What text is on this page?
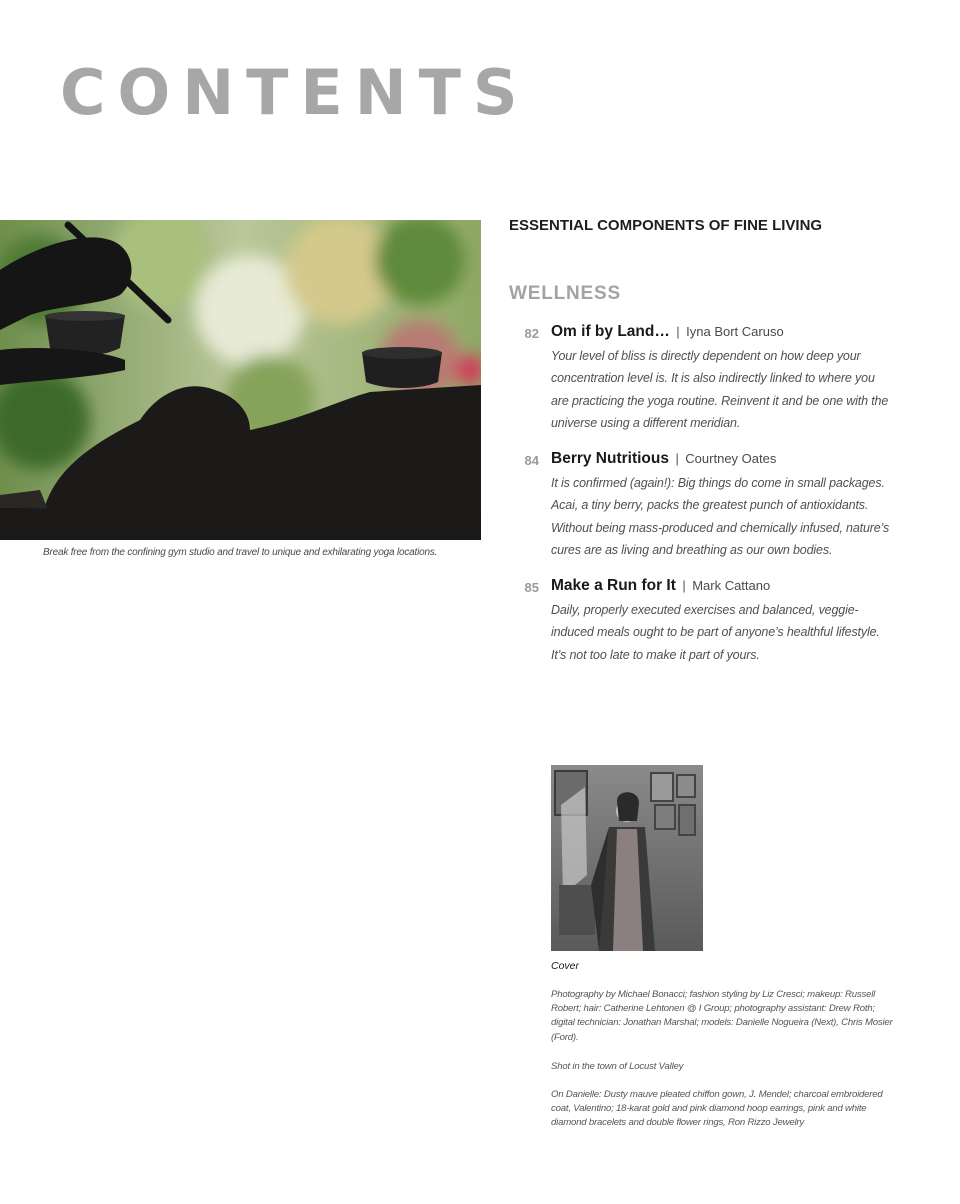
CONTENTS
Break free from the confining gym studio and travel to unique and exhilarating yoga locations.
ESSENTIAL COMPONENTS OF FINE LIVING
WELLNESS
82 Om if by Land… | Iyna Bort Caruso
Your level of bliss is directly dependent on how deep your concentration level is. It is also indirectly linked to where you are practicing the yoga routine. Reinvent it and be one with the universe using a different meridian.
84 Berry Nutritious | Courtney Oates
It is confirmed (again!): Big things do come in small packages. Acai, a tiny berry, packs the greatest punch of antioxidants. Without being mass-produced and chemically infused, nature’s cures are as living and breathing as our own bodies.
85 Make a Run for It | Mark Cattano
Daily, properly executed exercises and balanced, veggie-induced meals ought to be part of anyone’s healthful lifestyle. It’s not too late to make it part of yours.
Cover
Photography by Michael Bonacci; fashion styling by Liz Cresci; makeup: Russell Robert; hair: Catherine Lehtonen @ I Group; photography assistant: Drew Roth; digital technician: Jonathan Marshal; models: Danielle Nogueira (Next), Chris Mosier (Ford).
Shot in the town of Locust Valley
On Danielle: Dusty mauve pleated chiffon gown, J. Mendel; charcoal embroidered coat, Valentino; 18-karat gold and pink diamond hoop earrings, pink and white diamond bracelets and double flower rings, Ron Rizzo Jewelry
